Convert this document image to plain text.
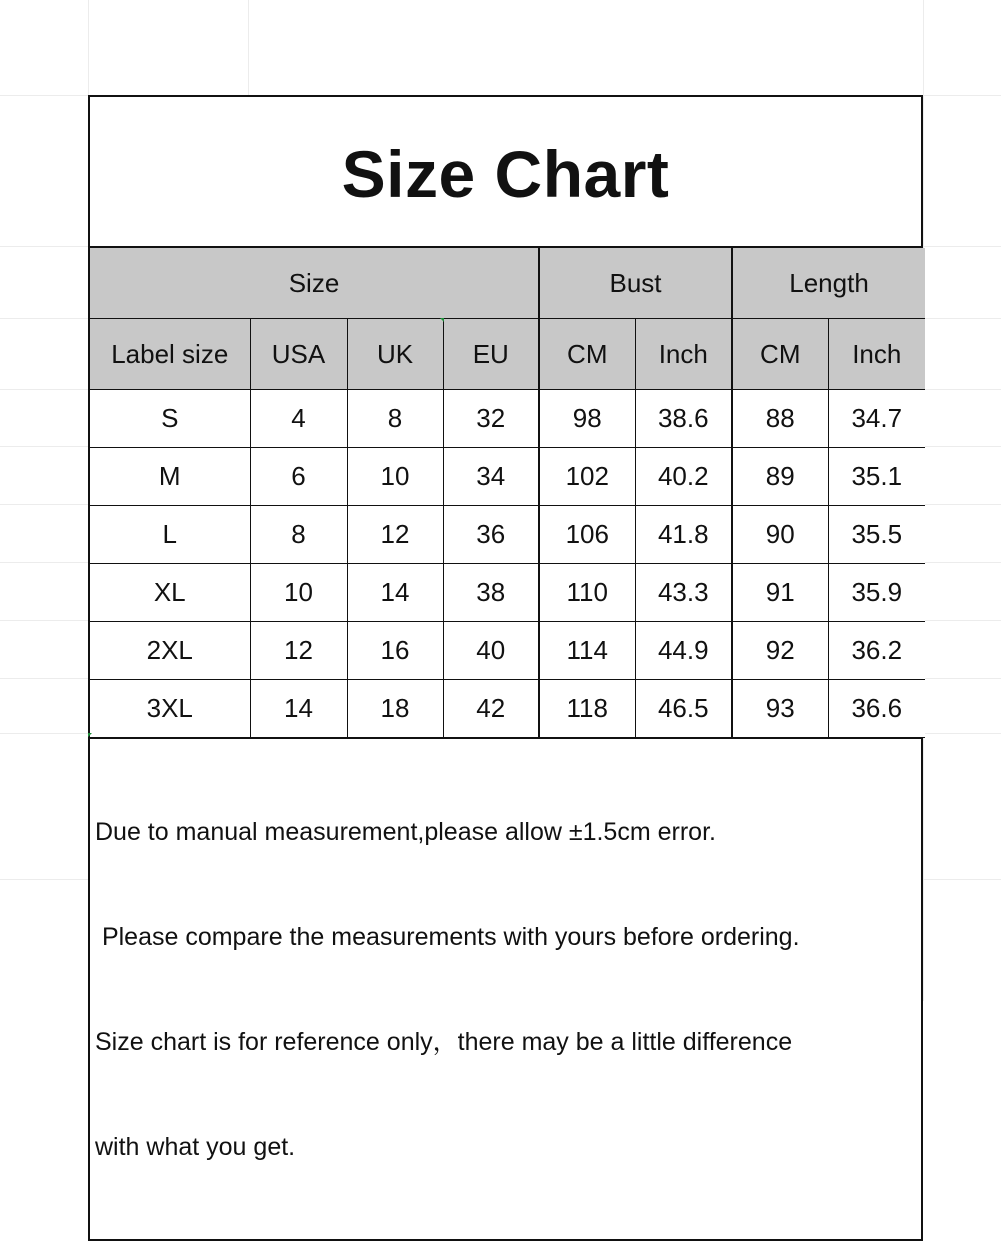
Size Chart
Size				Bust		Length	
Label size	USA	UK	EU	CM	Inch	CM	Inch
S	4	8	32	98	38.6	88	34.7
M	6	10	34	102	40.2	89	35.1
L	8	12	36	106	41.8	90	35.5
XL	10	14	38	110	43.3	91	35.9
2XL	12	16	40	114	44.9	92	36.2
3XL	14	18	42	118	46.5	93	36.6

Due to manual measurement,please allow ±1.5cm error.

Please compare the measurements with yours before ordering.

Size chart is for reference only，there may be a little difference

with what you get.
